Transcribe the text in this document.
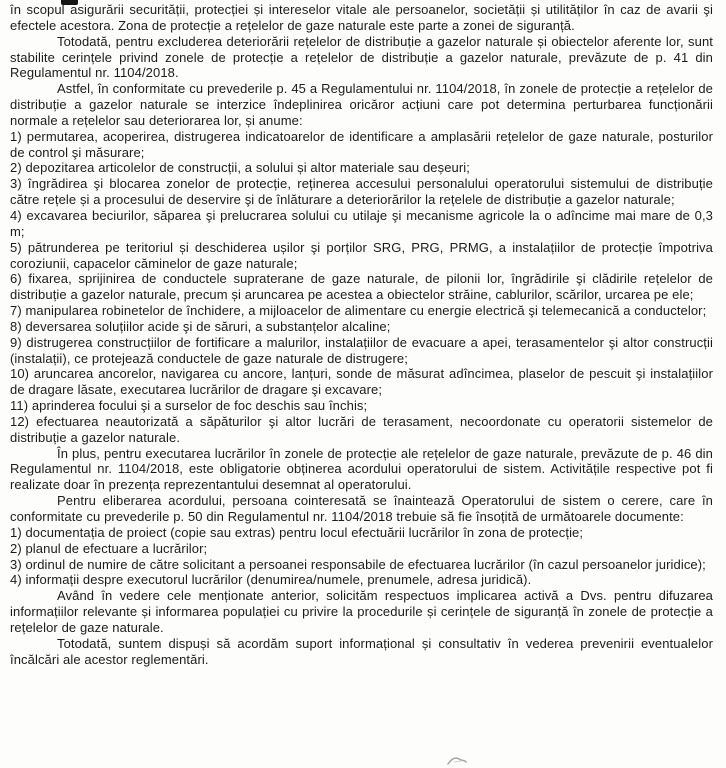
în scopul asigurării securității, protecției și intereselor vitale ale persoanelor, societății și utilităților în caz de avarii şi efectele acestora. Zona de protecție a rețelelor de gaze naturale este parte a zonei de siguranță.

Totodată, pentru excluderea deteriorării rețelelor de distribuție a gazelor naturale și obiectelor aferente lor, sunt stabilite cerințele privind zonele de protecție a rețelelor de distribuție a gazelor naturale, prevăzute de p. 41 din Regulamentul nr. 1104/2018.

Astfel, în conformitate cu prevederile p. 45 a Regulamentului nr. 1104/2018, în zonele de protecție a rețelelor de distribuție a gazelor naturale se interzice îndeplinirea oricăror acțiuni care pot determina perturbarea funcționării normale a rețelelor sau deteriorarea lor, și anume:

1) permutarea, acoperirea, distrugerea indicatoarelor de identificare a amplasării rețelelor de gaze naturale, posturilor de control şi măsurare;

2) depozitarea articolelor de construcții, a solului și altor materiale sau deșeuri;

3) îngrădirea şi blocarea zonelor de protecție, reținerea accesului personalului operatorului sistemului de distribuție către rețele și a procesului de deservire şi de înlăturare a deteriorărilor la rețelele de distribuție a gazelor naturale;

4) excavarea beciurilor, săparea şi prelucrarea solului cu utilaje şi mecanisme agricole la o adîncime mai mare de 0,3 m;

5) pătrunderea pe teritoriul și deschiderea ușilor şi porților SRG, PRG, PRMG, a instalațiilor de protecție împotriva coroziunii, capacelor căminelor de gaze naturale;

6) fixarea, sprijinirea de conductele supraterane de gaze naturale, de pilonii lor, îngrădirile şi clădirile rețelelor de distribuție a gazelor naturale, precum și aruncarea pe acestea a obiectelor străine, cablurilor, scărilor, urcarea pe ele;

7) manipularea robinetelor de închidere, a mijloacelor de alimentare cu energie electrică şi telemecanică a conductelor;

8) deversarea soluțiilor acide şi de săruri, a substanțelor alcaline;

9) distrugerea construcțiilor de fortificare a malurilor, instalațiilor de evacuare a apei, terasamentelor şi altor construcții (instalații), ce protejează conductele de gaze naturale de distrugere;

10) aruncarea ancorelor, navigarea cu ancore, lanțuri, sonde de măsurat adîncimea, plaselor de pescuit şi instalațiilor de dragare lăsate, executarea lucrărilor de dragare şi excavare;

11) aprinderea focului şi a surselor de foc deschis sau închis;

12) efectuarea neautorizată a săpăturilor şi altor lucrări de terasament, necoordonate cu operatorii sistemelor de distribuție a gazelor naturale.

În plus, pentru executarea lucrărilor în zonele de protecție ale rețelelor de gaze naturale, prevăzute de p. 46 din Regulamentul nr. 1104/2018, este obligatorie obținerea acordului operatorului de sistem. Activitățile respective pot fi realizate doar în prezența reprezentantului desemnat al operatorului.

Pentru eliberarea acordului, persoana cointeresată se înaintează Operatorului de sistem o cerere, care în conformitate cu prevederile p. 50 din Regulamentul nr. 1104/2018 trebuie să fie însoțită de următoarele documente:

1) documentația de proiect (copie sau extras) pentru locul efectuării lucrărilor în zona de protecție;

2) planul de efectuare a lucrărilor;

3) ordinul de numire de către solicitant a persoanei responsabile de efectuarea lucrărilor (în cazul persoanelor juridice);

4) informații despre executorul lucrărilor (denumirea/numele, prenumele, adresa juridică).

Având în vedere cele menționate anterior, solicităm respectuos implicarea activă a Dvs. pentru difuzarea informațiilor relevante și informarea populației cu privire la procedurile și cerințele de siguranță în zonele de protecție a rețelelor de gaze naturale.

Totodată, suntem dispuși să acordăm suport informațional și consultativ în vederea prevenirii eventualelor încălcări ale acestor reglementări.
